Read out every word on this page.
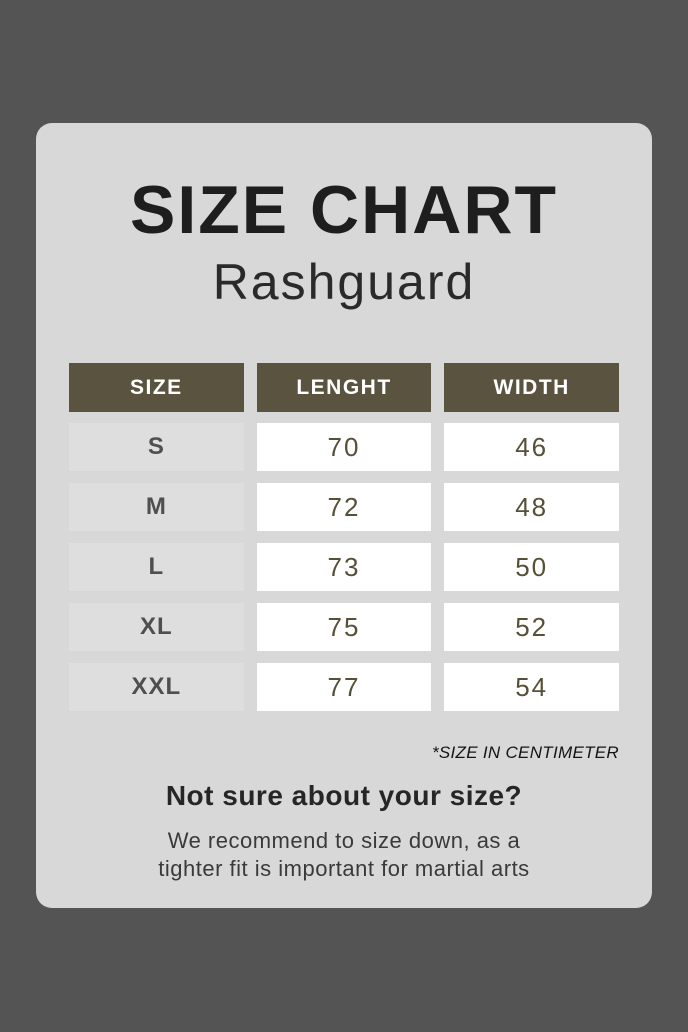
SIZE CHART
Rashguard
SIZE	LENGHT	WIDTH
S	70	46
M	72	48
L	73	50
XL	75	52
XXL	77	54
*SIZE IN CENTIMETER
Not sure about your size?
We recommend to size down, as a
tighter fit is important for martial arts
